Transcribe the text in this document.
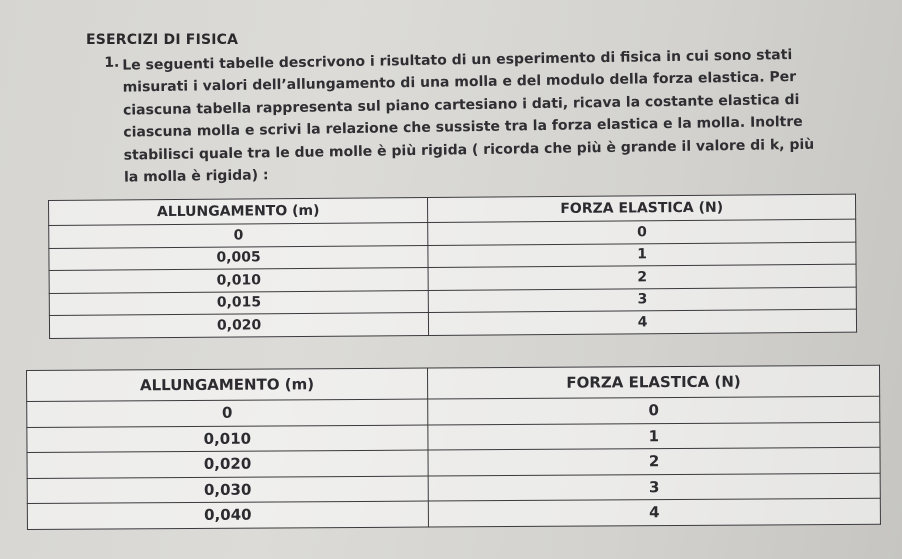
ESERCIZI DI FISICA
1. Le seguenti tabelle descrivono i risultato di un esperimento di fisica in cui sono stati misurati i valori dell’allungamento di una molla e del modulo della forza elastica. Per ciascuna tabella rappresenta sul piano cartesiano i dati, ricava la costante elastica di ciascuna molla e scrivi la relazione che sussiste tra la forza elastica e la molla. Inoltre stabilisci quale tra le due molle è più rigida ( ricorda che più è grande il valore di k, più la molla è rigida) :

ALLUNGAMENTO (m)	FORZA ELASTICA (N)
0	0
0,005	1
0,010	2
0,015	3
0,020	4
ALLUNGAMENTO (m)	FORZA ELASTICA (N)
0	0
0,010	1
0,020	2
0,030	3
0,040	4
